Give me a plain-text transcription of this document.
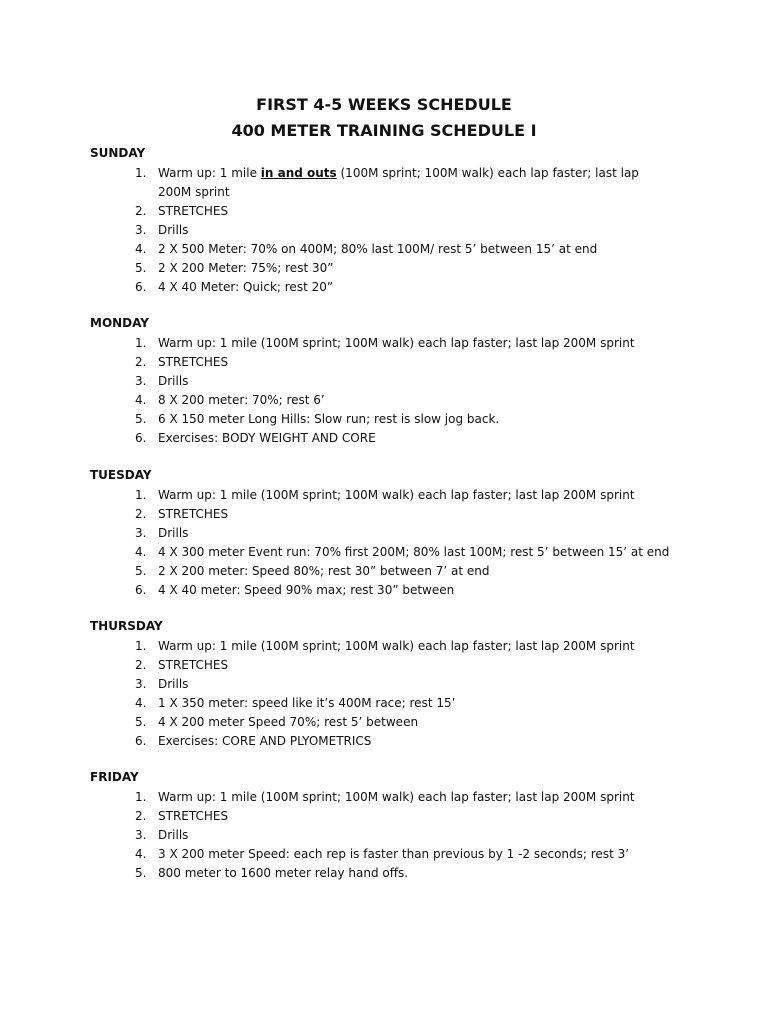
FIRST 4-5 WEEKS SCHEDULE
400 METER TRAINING SCHEDULE I
SUNDAY
1. Warm up: 1 mile in and outs (100M sprint; 100M walk) each lap faster; last lap
200M sprint
2. STRETCHES
3. Drills
4. 2 X 500 Meter: 70% on 400M; 80% last 100M/ rest 5’ between 15’ at end
5. 2 X 200 Meter: 75%; rest 30”
6. 4 X 40 Meter: Quick; rest 20”
MONDAY
1. Warm up: 1 mile (100M sprint; 100M walk) each lap faster; last lap 200M sprint
2. STRETCHES
3. Drills
4. 8 X 200 meter: 70%; rest 6’
5. 6 X 150 meter Long Hills: Slow run; rest is slow jog back.
6. Exercises: BODY WEIGHT AND CORE
TUESDAY
1. Warm up: 1 mile (100M sprint; 100M walk) each lap faster; last lap 200M sprint
2. STRETCHES
3. Drills
4. 4 X 300 meter Event run: 70% first 200M; 80% last 100M; rest 5’ between 15’ at end
5. 2 X 200 meter: Speed 80%; rest 30” between 7’ at end
6. 4 X 40 meter: Speed 90% max; rest 30” between
THURSDAY
1. Warm up: 1 mile (100M sprint; 100M walk) each lap faster; last lap 200M sprint
2. STRETCHES
3. Drills
4. 1 X 350 meter: speed like it’s 400M race; rest 15’
5. 4 X 200 meter Speed 70%; rest 5’ between
6. Exercises: CORE AND PLYOMETRICS
FRIDAY
1. Warm up: 1 mile (100M sprint; 100M walk) each lap faster; last lap 200M sprint
2. STRETCHES
3. Drills
4. 3 X 200 meter Speed: each rep is faster than previous by 1 -2 seconds; rest 3’
5. 800 meter to 1600 meter relay hand offs.
